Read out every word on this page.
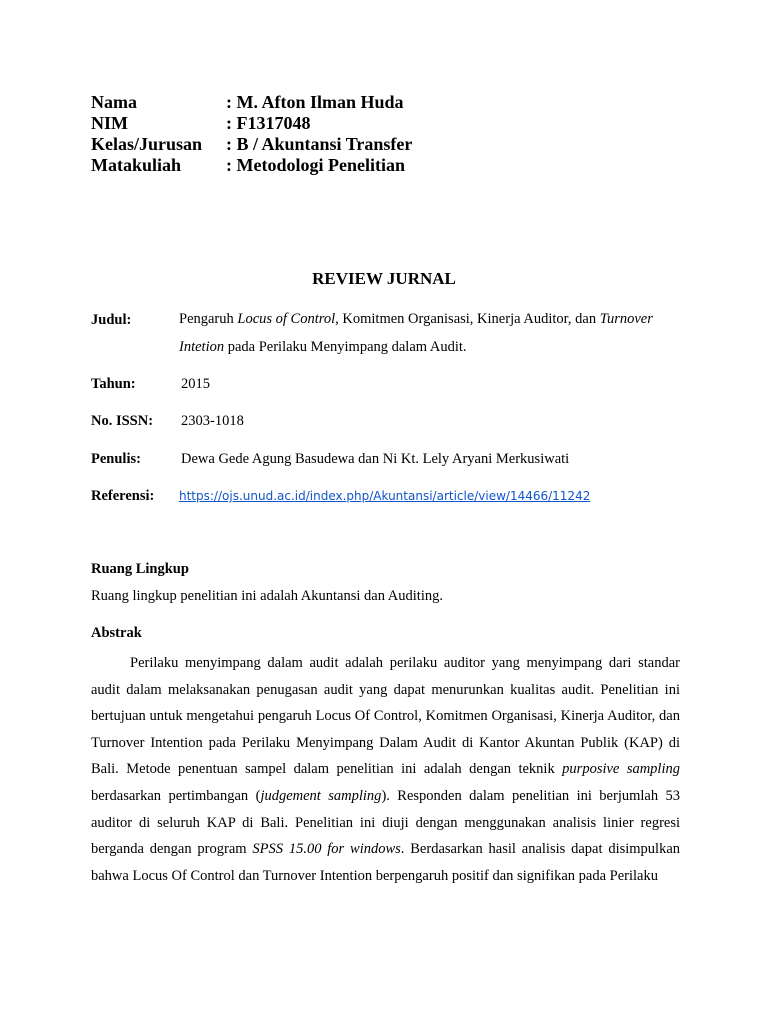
Nama	: M. Afton Ilman Huda
NIM	: F1317048
Kelas/Jurusan	: B / Akuntansi Transfer
Matakuliah	: Metodologi Penelitian
REVIEW JURNAL
Judul:	Pengaruh Locus of Control, Komitmen Organisasi, Kinerja Auditor, dan Turnover Intetion pada Perilaku Menyimpang dalam Audit.
Tahun:	2015
No. ISSN: 2303-1018
Penulis:	Dewa Gede Agung Basudewa dan Ni Kt. Lely Aryani Merkusiwati
Referensi: https://ojs.unud.ac.id/index.php/Akuntansi/article/view/14466/11242
Ruang Lingkup
Ruang lingkup penelitian ini adalah Akuntansi dan Auditing.
Abstrak

Perilaku menyimpang dalam audit adalah perilaku auditor yang menyimpang dari standar audit dalam melaksanakan penugasan audit yang dapat menurunkan kualitas audit. Penelitian ini bertujuan untuk mengetahui pengaruh Locus Of Control, Komitmen Organisasi, Kinerja Auditor, dan Turnover Intention pada Perilaku Menyimpang Dalam Audit di Kantor Akuntan Publik (KAP) di Bali. Metode penentuan sampel dalam penelitian ini adalah dengan teknik purposive sampling berdasarkan pertimbangan (judgement sampling). Responden dalam penelitian ini berjumlah 53 auditor di seluruh KAP di Bali. Penelitian ini diuji dengan menggunakan analisis linier regresi berganda dengan program SPSS 15.00 for windows. Berdasarkan hasil analisis dapat disimpulkan bahwa Locus Of Control dan Turnover Intention berpengaruh positif dan signifikan pada Perilaku
